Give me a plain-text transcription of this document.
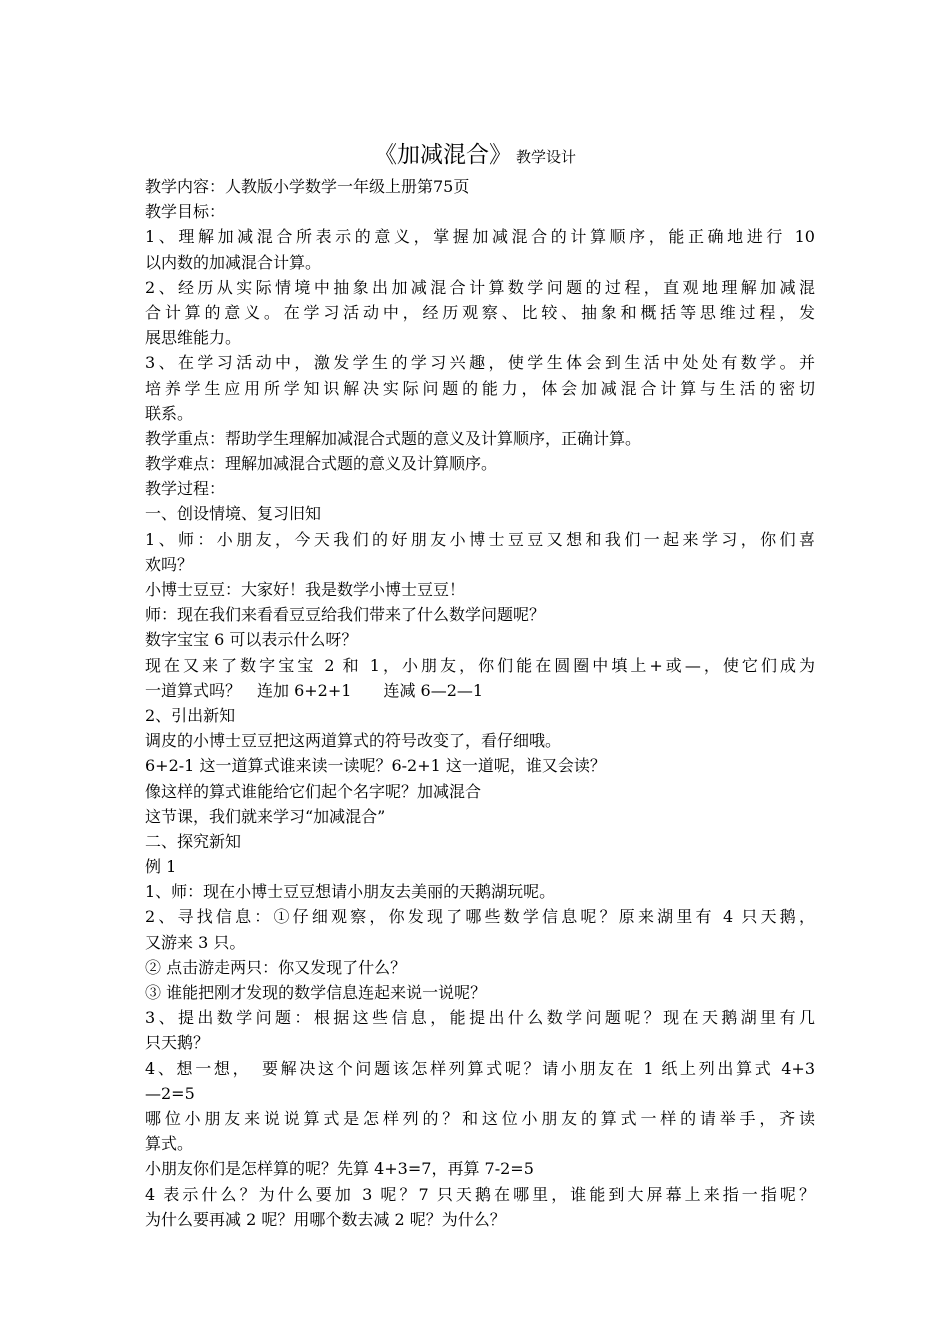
《加减混合》 教学设计
教学内容：人教版小学数学一年级上册第75页
教学目标：
1、理解加减混合所表示的意义，掌握加减混合的计算顺序，能正确地进行 10
以内数的加减混合计算。
2、经历从实际情境中抽象出加减混合计算数学问题的过程，直观地理解加减混
合计算的意义。在学习活动中，经历观察、比较、抽象和概括等思维过程，发
展思维能力。
3、在学习活动中，激发学生的学习兴趣，使学生体会到生活中处处有数学。并
培养学生应用所学知识解决实际问题的能力，体会加减混合计算与生活的密切
联系。
教学重点：帮助学生理解加减混合式题的意义及计算顺序，正确计算。
教学难点：理解加减混合式题的意义及计算顺序。
教学过程：
一、创设情境、复习旧知
1、师：小朋友，今天我们的好朋友小博士豆豆又想和我们一起来学习，你们喜
欢吗？
小博士豆豆：大家好！我是数学小博士豆豆！
师：现在我们来看看豆豆给我们带来了什么数学问题呢？
数字宝宝 6 可以表示什么呀？
现在又来了数字宝宝 2 和 1，小朋友，你们能在圆圈中填上+或—，使它们成为
一道算式吗？　连加 6+2+1　　连减 6—2—1
2、引出新知
调皮的小博士豆豆把这两道算式的符号改变了，看仔细哦。
6+2-1 这一道算式谁来读一读呢？6-2+1 这一道呢，谁又会读？
像这样的算式谁能给它们起个名字呢？加减混合
这节课，我们就来学习“加减混合”
二、探究新知
例 1
1、师：现在小博士豆豆想请小朋友去美丽的天鹅湖玩呢。
2、寻找信息：①仔细观察，你发现了哪些数学信息呢？原来湖里有 4 只天鹅，
又游来 3 只。
② 点击游走两只：你又发现了什么？
③ 谁能把刚才发现的数学信息连起来说一说呢？
3、提出数学问题：根据这些信息，能提出什么数学问题呢？现在天鹅湖里有几
只天鹅？
4、想一想，　要解决这个问题该怎样列算式呢？请小朋友在 1 纸上列出算式 4+3
—2=5
哪位小朋友来说说算式是怎样列的？和这位小朋友的算式一样的请举手，齐读
算式。
小朋友你们是怎样算的呢？先算 4+3=7，再算 7-2=5
4 表示什么？为什么要加 3 呢？7 只天鹅在哪里，谁能到大屏幕上来指一指呢？
为什么要再减 2 呢？用哪个数去减 2 呢？为什么？
